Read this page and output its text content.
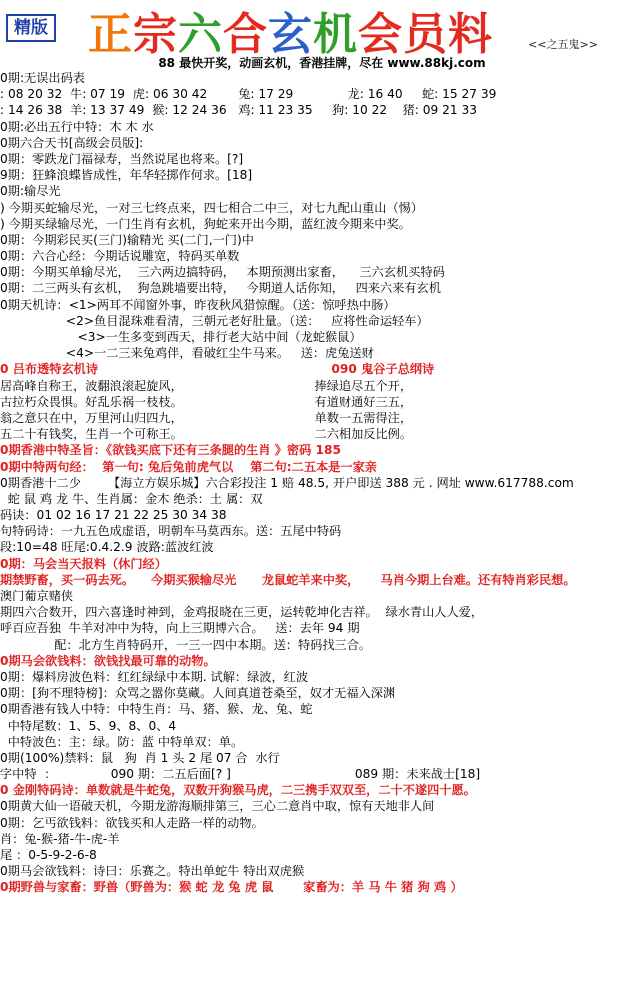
精版 正宗六合玄机会员料	<<之五鬼>>
88 最快开奖，动画玄机，香港挂牌，尽在 www.88kj.com
0期:无误出码表
: 08 20 32  牛: 07 19  虎: 06 30 42        兔: 17 29              龙: 16 40     蛇: 15 27 39
: 14 26 38  羊: 13 37 49  猴: 12 24 36   鸡: 11 23 35     狗: 10 22    猪: 09 21 33
0期:必出五行中特：木 木 水
0期六合天书[高级会员版]:
0期：零跌龙门福禄寿，当然说尾也将来。[?]
9期：狂蜂浪蝶皆成性，年华轻掷作何求。[18]
0期:输尽光
) 今期买蛇输尽光，一对三七终点来，四七相合二中三，对七九配山重山（惕）
) 今期买绿输尽光，一门生肖有玄机，狗蛇来开出今期，蓝红波今期来中奖。
0期：今期彩民买(三门)输精光 买(二门,一门)中
0期：六合心经：今期话说雕宽，特码买单数
0期：今期买单输尽光，  三六两边搞特码，   本期预测出家畜，    三六玄机买特码
0期：二三两头有玄机，  狗急跳墙要出特，   今期道人话你知，   四来六来有玄机
0期天机诗：<1>两耳不闻窗外事，昨夜秋风猎惊醒。（送：惊呼热中肠）
<2>鱼目混珠难看清，三朝元老好肚量。（送：   应将性命运轻车）
<3>一生多变到西天，排行老大站中间（龙蛇猴鼠）
<4>一二三来兔鸡伴，看破红尘牛马来。   送：虎兔送财
0 吕布透特玄机诗                                                       090 鬼谷子总纲诗
居高峰自称王，波翻浪滚起旋风，                                  捧绿追尽五个开，
古拉朽众畏惧。好乱乐祸一枝枝。                                  有道财通好三五，
翁之意只在中，万里河山归四九，                                  单数一五需得注，
五二十有钱奖，生肖一个可称王。                                  二六相加反比例。
0期香港中特圣旨：《欲钱买底下还有三条腿的生肖 》密码 185
0期中特两句经：  第一句: 兔后兔前虎气以    第二句:二五本是一家亲
0期香港十二少       【海立方娱乐城】六合彩投注 1 赔 48.5, 开户即送 388 元 . 网址 www.617788.com
蛇 鼠 鸡 龙 牛、生肖属：金木 绝杀：土 属：双
码诀：01 02 16 17 21 22 25 30 34 38
句特码诗：一九五色成虚语，明朝车马莫西东。送：五尾中特码
段:10=48 旺尾:0.4.2.9 波路:蓝波红波
0期：马会当天报料（休门经）
期禁野畜，买一码去死。    今期买猴输尽光      龙鼠蛇羊来中奖，     马肖今期上台难。还有特肖彩民想。
澳门葡京赌侠
期四六合数开，四六喜逢时神到，金鸡报晓在三更，运转乾坤化吉祥。  绿水青山人人爱，
呼百应吾独  牛羊对冲中为特，向上三期博六合。   送：去年 94 期
配：北方生肖特码开，一三一四中本期。送：特码找三合。
0期马会欲钱料：欲钱找最可靠的动物。
0期：爆料房波色料：红红绿绿中本期. 试解：绿波，红波
0期：[狗不理特榜]：众骂之嚣你莫藏。人间真道苍桑至，奴才无福入深渊
0期香港有钱人中特：中特生肖：马、猪、猴、龙、兔、蛇
中特尾数：1、5、9、8、0、4
中特波色：主：绿。防：蓝 中特单双：单。
0期(100%)禁料：鼠   狗  肖 1 头 2 尾 07 合  水行
字中特  ：              090 期：二五后面[? ]                                089 期：未来战士[18]
0 金刚特码诗：单数就是牛蛇兔，双数开狗猴马虎，二三携手双双至，二十不遂四十愿。
0期黄大仙一语破天机，今期龙游海顺排第三，三心二意肖中取，惊有天地非人间
0期：乞丐欲钱料：欲钱买和人走路一样的动物。
肖：兔-猴-猪-牛-虎-羊
尾 ：0-5-9-2-6-8
0期马会欲钱料：诗曰：乐赛之。特出单蛇牛 特出双虎猴
0期野兽与家畜：野兽（野兽为：猴 蛇 龙 兔 虎 鼠       家畜为：羊 马 牛 猪 狗 鸡 ）
